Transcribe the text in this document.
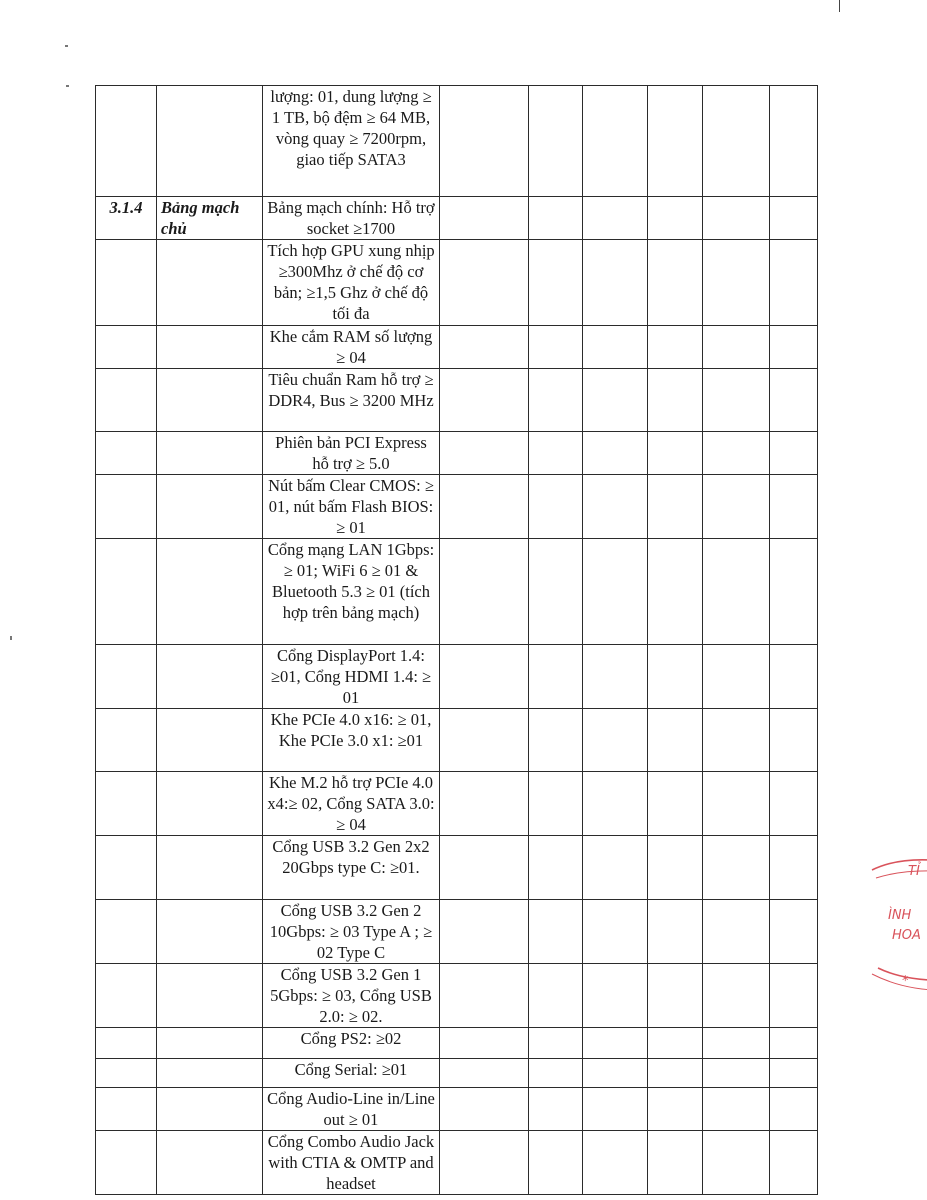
		lượng: 01, dung lượng ≥ 1 TB, bộ đệm ≥ 64 MB, vòng quay ≥ 7200rpm, giao tiếp SATA3						
3.1.4	Bảng mạch chủ	Bảng mạch chính: Hỗ trợ socket ≥1700						
		Tích hợp GPU xung nhịp ≥300Mhz ở chế độ cơ bản; ≥1,5 Ghz ở chế độ tối đa						
		Khe cắm RAM số lượng ≥ 04						
		Tiêu chuẩn Ram hỗ trợ ≥ DDR4, Bus ≥ 3200 MHz						
		Phiên bản PCI Express hỗ trợ ≥ 5.0						
		Nút bấm Clear CMOS: ≥ 01, nút bấm Flash BIOS: ≥ 01						
		Cổng mạng LAN 1Gbps: ≥ 01; WiFi 6 ≥ 01 & Bluetooth 5.3 ≥ 01 (tích hợp trên bảng mạch)						
		Cổng DisplayPort 1.4: ≥01, Cổng HDMI 1.4: ≥ 01						
		Khe PCIe 4.0 x16: ≥ 01, Khe PCIe 3.0 x1: ≥01						
		Khe M.2 hỗ trợ PCIe 4.0 x4:≥ 02, Cổng SATA 3.0: ≥ 04						
		Cổng USB 3.2 Gen 2x2 20Gbps type C: ≥01.						
		Cổng USB 3.2 Gen 2 10Gbps: ≥ 03 Type A ; ≥ 02 Type C						
		Cổng USB 3.2 Gen 1 5Gbps: ≥ 03, Cổng USB 2.0: ≥ 02.						
		Cổng PS2: ≥02						
		Cổng Serial: ≥01						
		Cổng Audio-Line in/Line out ≥ 01						
		Cổng Combo Audio Jack with CTIA & OMTP and headset						
TỈ
ÌNH
HOA
*
